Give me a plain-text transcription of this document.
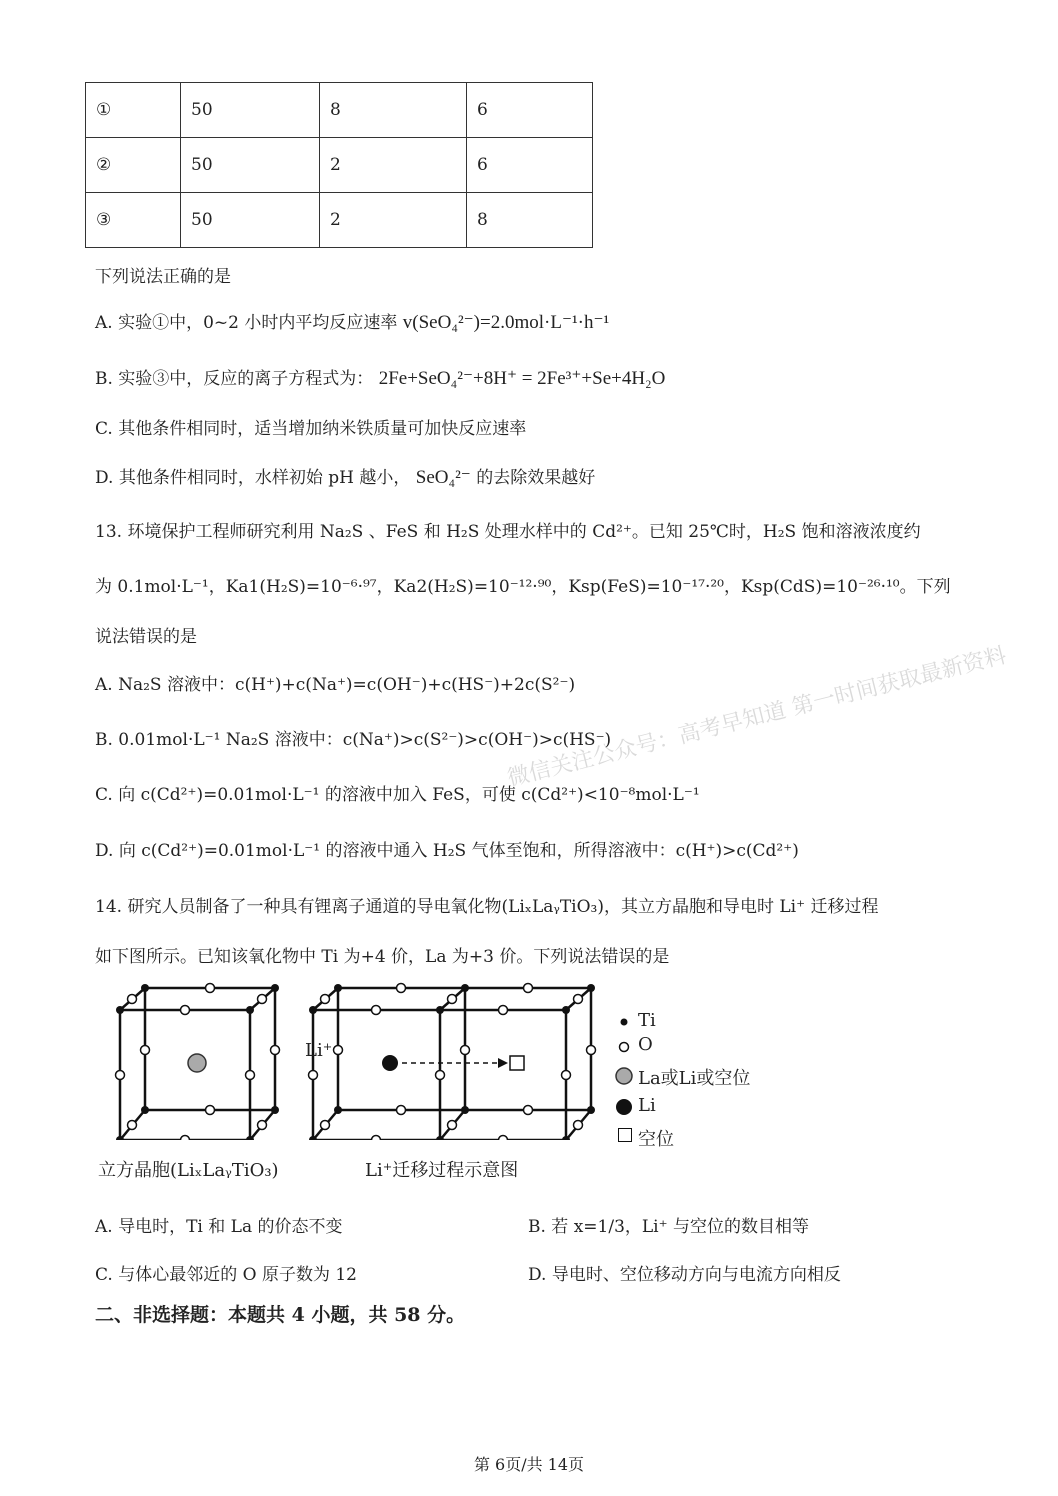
①	50	8	6
②	50	2	6
③	50	2	8
下列说法正确的是
A. 实验①中，0~2 小时内平均反应速率 v(SeO₄²⁻)=2.0mol·L⁻¹·h⁻¹
B. 实验③中，反应的离子方程式为： 2Fe+SeO₄²⁻+8H⁺ = 2Fe³⁺+Se+4H₂O
C. 其他条件相同时，适当增加纳米铁质量可加快反应速率
D. 其他条件相同时，水样初始 pH 越小， SeO₄²⁻ 的去除效果越好
13. 环境保护工程师研究利用 Na₂S 、FeS 和 H₂S 处理水样中的 Cd²⁺。已知 25℃时，H₂S 饱和溶液浓度约
为 0.1mol·L⁻¹，Ka1(H₂S)=10⁻⁶·⁹⁷，Ka2(H₂S)=10⁻¹²·⁹⁰，Ksp(FeS)=10⁻¹⁷·²⁰，Ksp(CdS)=10⁻²⁶·¹⁰。下列
说法错误的是
A. Na₂S 溶液中：c(H⁺)+c(Na⁺)=c(OH⁻)+c(HS⁻)+2c(S²⁻)
B. 0.01mol·L⁻¹ Na₂S 溶液中：c(Na⁺)>c(S²⁻)>c(OH⁻)>c(HS⁻)
C. 向 c(Cd²⁺)=0.01mol·L⁻¹ 的溶液中加入 FeS，可使 c(Cd²⁺)<10⁻⁸mol·L⁻¹
D. 向 c(Cd²⁺)=0.01mol·L⁻¹ 的溶液中通入 H₂S 气体至饱和，所得溶液中：c(H⁺)>c(Cd²⁺)
微信关注公众号：高考早知道 第一时间获取最新资料
14. 研究人员制备了一种具有锂离子通道的导电氧化物(LiₓLaᵧTiO₃)，其立方晶胞和导电时 Li⁺ 迁移过程
如下图所示。已知该氧化物中 Ti 为+4 价，La 为+3 价。下列说法错误的是
Li⁺
Ti
O
La或Li或空位
Li
空位
立方晶胞(LiₓLaᵧTiO₃)	Li⁺迁移过程示意图
A. 导电时，Ti 和 La 的价态不变	B. 若 x=1/3，Li⁺ 与空位的数目相等
C. 与体心最邻近的 O 原子数为 12	D. 导电时、空位移动方向与电流方向相反
二、非选择题：本题共 4 小题，共 58 分。
第 6页/共 14页
